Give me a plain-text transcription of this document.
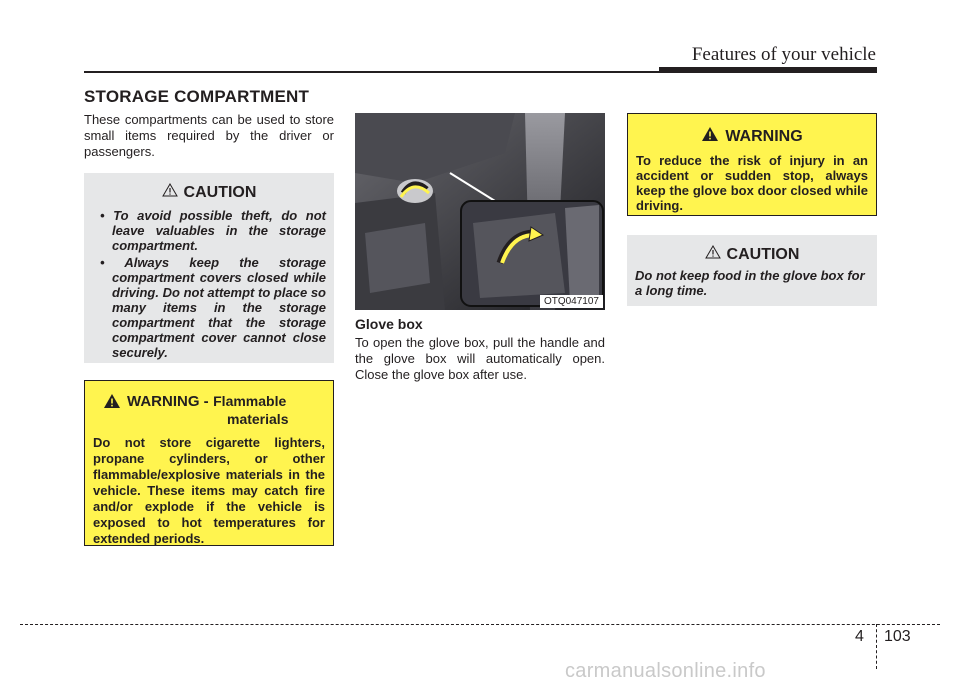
Features of your vehicle
STORAGE COMPARTMENT
These compartments can be used to store small items required by the driver or passengers.
CAUTION
• To avoid possible theft, do not leave valuables in the storage compartment.
• Always keep the storage compartment covers closed while driving. Do not attempt to place so many items in the storage compartment that the storage compartment cover cannot close securely.
WARNING - Flammable
materials

Do not store cigarette lighters, propane cylinders, or other flammable/explosive materials in the vehicle. These items may catch fire and/or explode if the vehicle is exposed to hot temperatures for extended periods.

OTQ047107
Glove box
To open the glove box, pull the handle and the glove box will automatically open. Close the glove box after use.
WARNING

To reduce the risk of injury in an accident or sudden stop, always keep the glove box door closed while driving.

CAUTION

Do not keep food in the glove box for a long time.

4 103
carmanualsonline.info
